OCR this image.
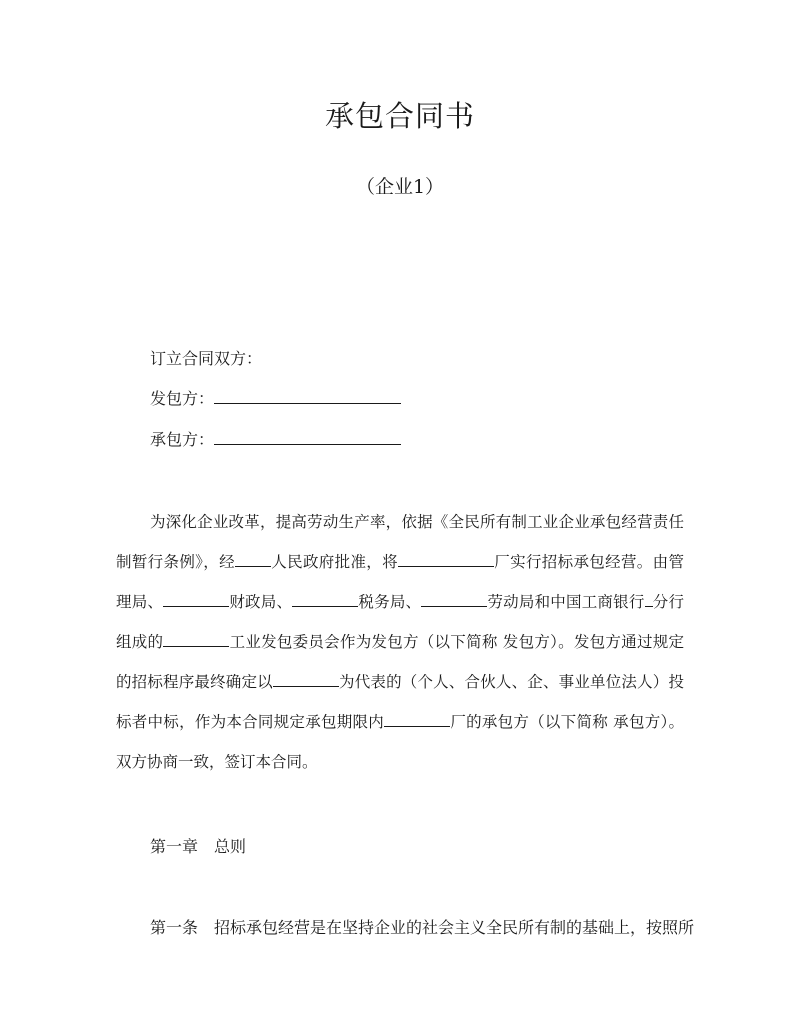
承包合同书
（企业1）
订立合同双方：
发包方：
承包方：
为深化企业改革，提高劳动生产率，依据《全民所有制工业企业承包经营责任制暂行条例》，经 人民政府批准，将	厂实行招标承包经营。由管理局、	财政局、	税务局、	劳动局和中国工商银行 分行组成的	工业发包委员会作为发包方（以下简称 发包方）。发包方通过规定的招标程序最终确定以	为代表的（个人、合伙人、企、事业单位法人）投标者中标，作为本合同规定承包期限内	厂的承包方（以下简称 承包方）。双方协商一致，签订本合同。
第一章　总则
第一条　招标承包经营是在坚持企业的社会主义全民所有制的基础上，按照所
